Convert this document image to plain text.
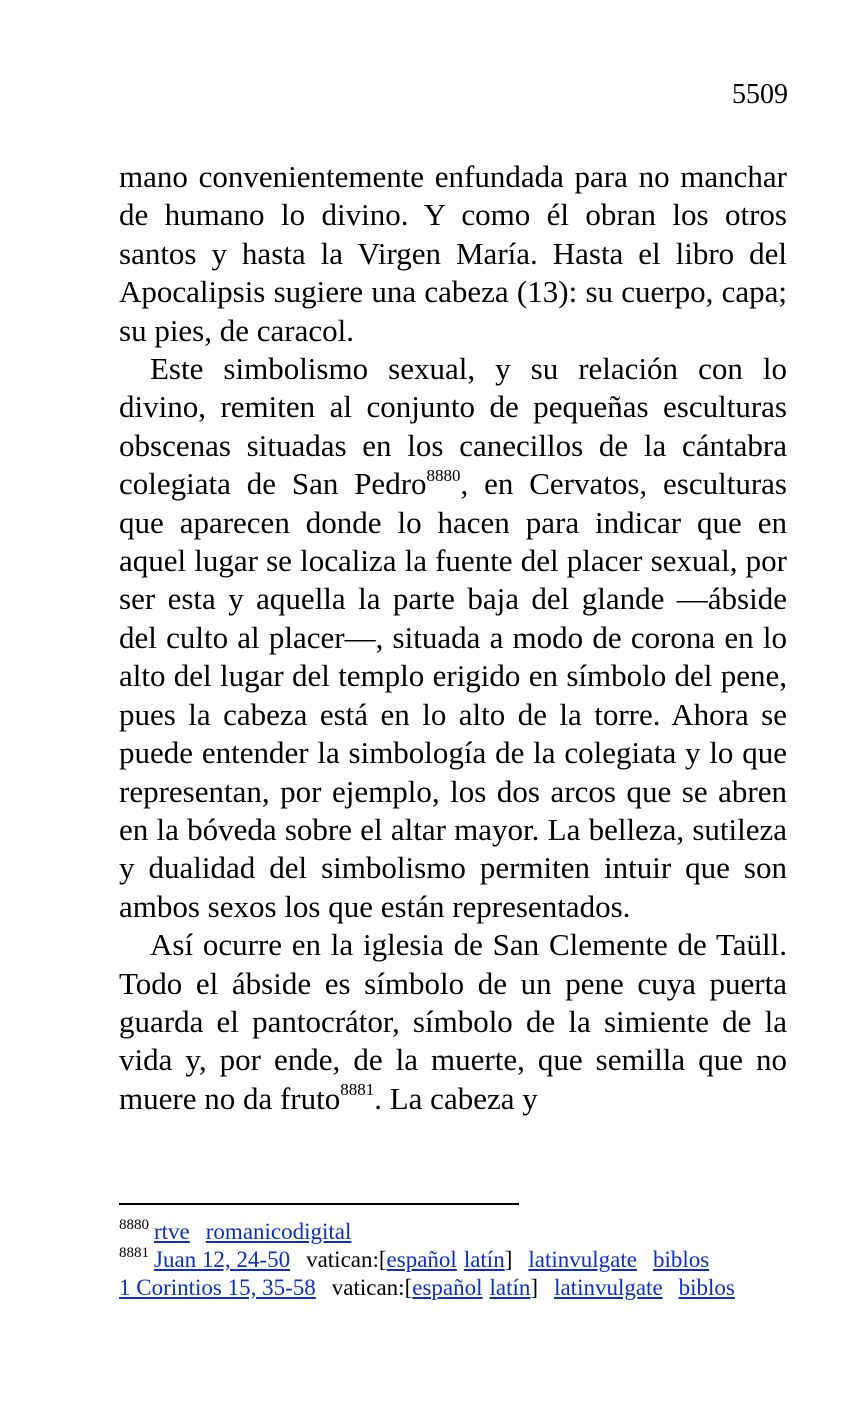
5509

mano convenientemente enfundada para no manchar de humano lo divino. Y como él obran los otros santos y hasta la Virgen María. Hasta el libro del Apocalipsis sugiere una cabeza (13): su cuerpo, capa; su pies, de caracol.

Este simbolismo sexual, y su relación con lo divino, remiten al conjunto de pequeñas esculturas obscenas situadas en los canecillos de la cántabra colegiata de San Pedro$^{8880}$, en Cervatos, esculturas que aparecen donde lo hacen para indicar que en aquel lugar se localiza la fuente del placer sexual, por ser esta y aquella la parte baja del glande —ábside del culto al placer—, situada a modo de corona en lo alto del lugar del templo erigido en símbolo del pene, pues la cabeza está en lo alto de la torre. Ahora se puede entender la simbología de la colegiata y lo que representan, por ejemplo, los dos arcos que se abren en la bóveda sobre el altar mayor. La belleza, sutileza y dualidad del simbolismo permiten intuir que son ambos sexos los que están representados.

Así ocurre en la iglesia de San Clemente de Taüll. Todo el ábside es símbolo de un pene cuya puerta guarda el pantocrátor, símbolo de la simiente de la vida y, por ende, de la muerte, que semilla que no muere no da fruto$^{8881}$. La cabeza y

$^{8880}$ rtve romanicodigital
$^{8881}$ Juan 12, 24-50 vatican:[español latín] latinvulgate biblos
1 Corintios 15, 35-58 vatican:[español latín] latinvulgate biblos
